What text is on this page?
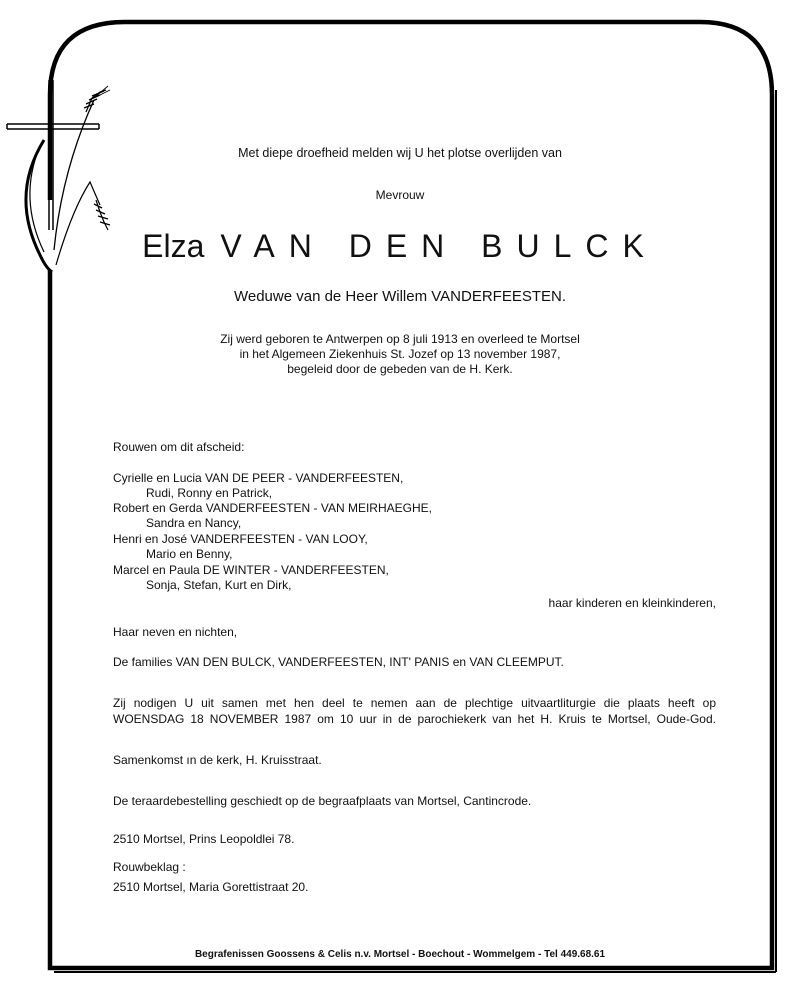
Met diepe droefheid melden wij U het plotse overlijden van
Mevrouw
Elza VAN DEN BULCK
Weduwe van de Heer Willem VANDERFEESTEN.
Zij werd geboren te Antwerpen op 8 juli 1913 en overleed te Mortsel
in het Algemeen Ziekenhuis St. Jozef op 13 november 1987,
begeleid door de gebeden van de H. Kerk.
Rouwen om dit afscheid:
Cyrielle en Lucia VAN DE PEER - VANDERFEESTEN,
Rudi, Ronny en Patrick,
Robert en Gerda VANDERFEESTEN - VAN MEIRHAEGHE,
Sandra en Nancy,
Henri en José VANDERFEESTEN - VAN LOOY,
Mario en Benny,
Marcel en Paula DE WINTER - VANDERFEESTEN,
Sonja, Stefan, Kurt en Dirk,
haar kinderen en kleinkinderen,
Haar neven en nichten,
De families VAN DEN BULCK, VANDERFEESTEN, INT' PANIS en VAN CLEEMPUT.
Zij nodigen U uit samen met hen deel te nemen aan de plechtige uitvaartliturgie die plaats heeft op
WOENSDAG 18 NOVEMBER 1987 om 10 uur in de parochiekerk van het H. Kruis te Mortsel, Oude-God.
Samenkomst ın de kerk, H. Kruisstraat.
De teraardebestelling geschiedt op de begraafplaats van Mortsel, Cantincrode.
2510 Mortsel, Prins Leopoldlei 78.
Rouwbeklag :
2510 Mortsel, Maria Gorettistraat 20.
Begrafenissen Goossens & Celis n.v. Mortsel - Boechout - Wommelgem - Tel 449.68.61
